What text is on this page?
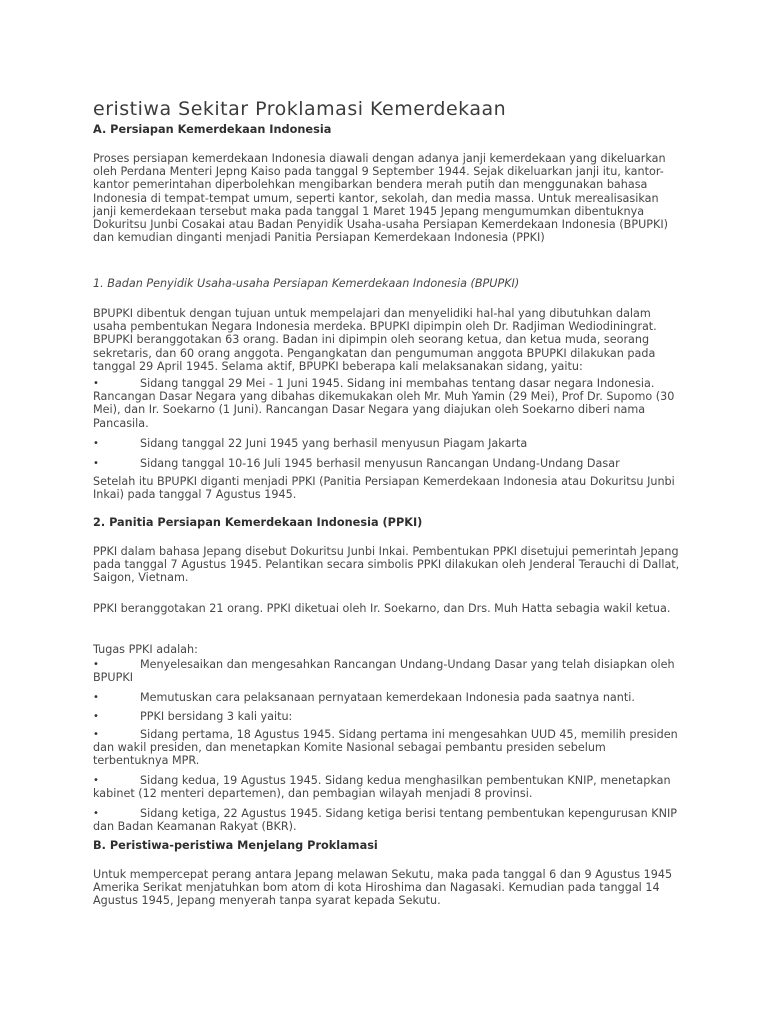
eristiwa Sekitar Proklamasi Kemerdekaan

A. Persiapan Kemerdekaan Indonesia

Proses persiapan kemerdekaan Indonesia diawali dengan adanya janji kemerdekaan yang dikeluarkan oleh Perdana Menteri Jepng Kaiso pada tanggal 9 September 1944. Sejak dikeluarkan janji itu, kantor-kantor pemerintahan diperbolehkan mengibarkan bendera merah putih dan menggunakan bahasa Indonesia di tempat-tempat umum, seperti kantor, sekolah, dan media massa. Untuk merealisasikan janji kemerdekaan tersebut maka pada tanggal 1 Maret 1945 Jepang mengumumkan dibentuknya Dokuritsu Junbi Cosakai atau Badan Penyidik Usaha-usaha Persiapan Kemerdekaan Indonesia (BPUPKI) dan kemudian dinganti menjadi Panitia Persiapan Kemerdekaan Indonesia (PPKI)

1. Badan Penyidik Usaha-usaha Persiapan Kemerdekaan Indonesia (BPUPKI)

BPUPKI dibentuk dengan tujuan untuk mempelajari dan menyelidiki hal-hal yang dibutuhkan dalam usaha pembentukan Negara Indonesia merdeka. BPUPKI dipimpin oleh Dr. Radjiman Wediodiningrat. BPUPKI beranggotakan 63 orang. Badan ini dipimpin oleh seorang ketua, dan ketua muda, seorang sekretaris, dan 60 orang anggota. Pengangkatan dan pengumuman anggota BPUPKI dilakukan pada tanggal 29 April 1945. Selama aktif, BPUPKI beberapa kali melaksanakan sidang, yaitu:

•	Sidang tanggal 29 Mei - 1 Juni 1945. Sidang ini membahas tentang dasar negara Indonesia. Rancangan Dasar Negara yang dibahas dikemukakan oleh Mr. Muh Yamin (29 Mei), Prof Dr. Supomo (30 Mei), dan Ir. Soekarno (1 Juni). Rancangan Dasar Negara yang diajukan oleh Soekarno diberi nama Pancasila.
•	Sidang tanggal 22 Juni 1945 yang berhasil menyusun Piagam Jakarta
•	Sidang tanggal 10-16 Juli 1945 berhasil menyusun Rancangan Undang-Undang Dasar

Setelah itu BPUPKI diganti menjadi PPKI (Panitia Persiapan Kemerdekaan Indonesia atau Dokuritsu Junbi Inkai) pada tanggal 7 Agustus 1945.

2. Panitia Persiapan Kemerdekaan Indonesia (PPKI)

PPKI dalam bahasa Jepang disebut Dokuritsu Junbi Inkai. Pembentukan PPKI disetujui pemerintah Jepang pada tanggal 7 Agustus 1945. Pelantikan secara simbolis PPKI dilakukan oleh Jenderal Terauchi di Dallat, Saigon, Vietnam.

PPKI beranggotakan 21 orang. PPKI diketuai oleh Ir. Soekarno, dan Drs. Muh Hatta sebagia wakil ketua.

Tugas PPKI adalah:

•	Menyelesaikan dan mengesahkan Rancangan Undang-Undang Dasar yang telah disiapkan oleh BPUPKI
•	Memutuskan cara pelaksanaan pernyataan kemerdekaan Indonesia pada saatnya nanti.
•	PPKI bersidang 3 kali yaitu:
•	Sidang pertama, 18 Agustus 1945. Sidang pertama ini mengesahkan UUD 45, memilih presiden dan wakil presiden, dan menetapkan Komite Nasional sebagai pembantu presiden sebelum terbentuknya MPR.
•	Sidang kedua, 19 Agustus 1945. Sidang kedua menghasilkan pembentukan KNIP, menetapkan kabinet (12 menteri departemen), dan pembagian wilayah menjadi 8 provinsi.
•	Sidang ketiga, 22 Agustus 1945. Sidang ketiga berisi tentang pembentukan kepengurusan KNIP dan Badan Keamanan Rakyat (BKR).

B. Peristiwa-peristiwa Menjelang Proklamasi

Untuk mempercepat perang antara Jepang melawan Sekutu, maka pada tanggal 6 dan 9 Agustus 1945 Amerika Serikat menjatuhkan bom atom di kota Hiroshima dan Nagasaki. Kemudian pada tanggal 14 Agustus 1945, Jepang menyerah tanpa syarat kepada Sekutu.
